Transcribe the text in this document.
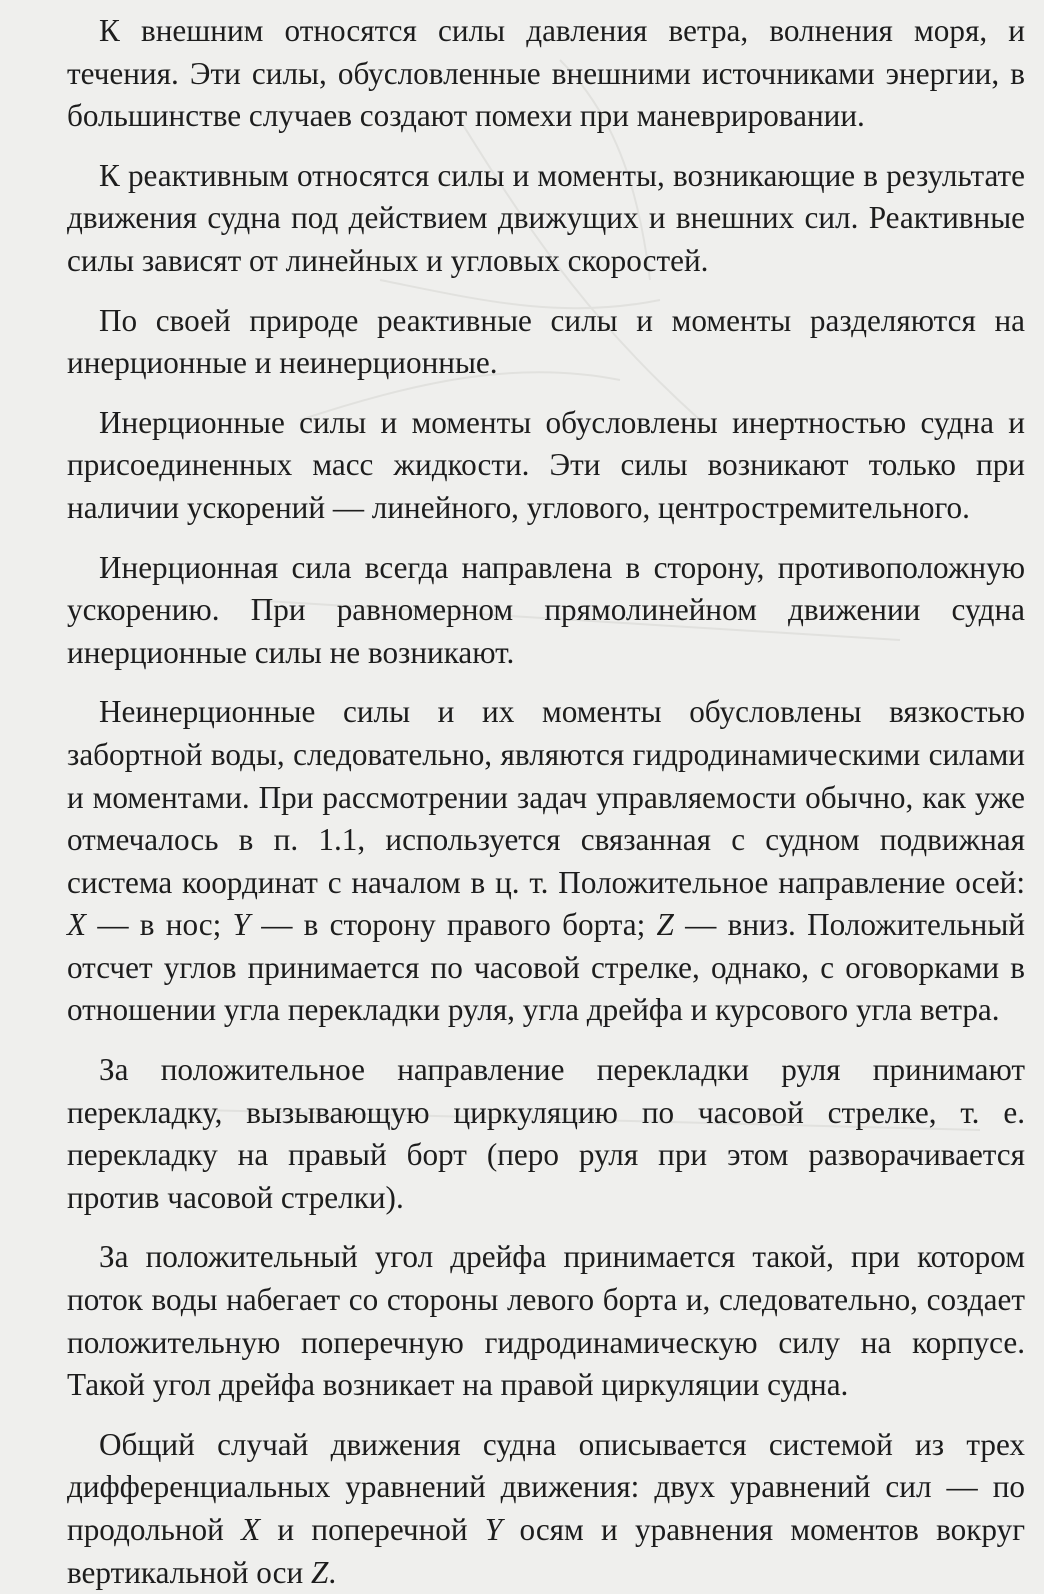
К внешним относятся силы давления ветра, волнения моря, и течения. Эти силы, обусловленные внешними источниками энергии, в большинстве случаев создают помехи при маневрировании.

К реактивным относятся силы и моменты, возникающие в результате движения судна под действием движущих и внешних сил. Реактивные силы зависят от линейных и угловых скоростей.

По своей природе реактивные силы и моменты разделяются на инерционные и неинерционные.

Инерционные силы и моменты обусловлены инертностью судна и присоединенных масс жидкости. Эти силы возникают только при наличии ускорений — линейного, углового, центростремительного.

Инерционная сила всегда направлена в сторону, противоположную ускорению. При равномерном прямолинейном движении судна инерционные силы не возникают.

Неинерционные силы и их моменты обусловлены вязкостью забортной воды, следовательно, являются гидродинамическими силами и моментами. При рассмотрении задач управляемости обычно, как уже отмечалось в п. 1.1, используется связанная с судном подвижная система координат с началом в ц. т. Положительное направление осей: X — в нос; Y — в сторону правого борта; Z — вниз. Положительный отсчет углов принимается по часовой стрелке, однако, с оговорками в отношении угла перекладки руля, угла дрейфа и курсового угла ветра.

За положительное направление перекладки руля принимают перекладку, вызывающую циркуляцию по часовой стрелке, т. е. перекладку на правый борт (перо руля при этом разворачивается против часовой стрелки).

За положительный угол дрейфа принимается такой, при котором поток воды набегает со стороны левого борта и, следовательно, создает положительную поперечную гидродинамическую силу на корпусе. Такой угол дрейфа возникает на правой циркуляции судна.

Общий случай движения судна описывается системой из трех дифференциальных уравнений движения: двух уравнений сил — по продольной X и поперечной Y осям и уравнения моментов вокруг вертикальной оси Z.
